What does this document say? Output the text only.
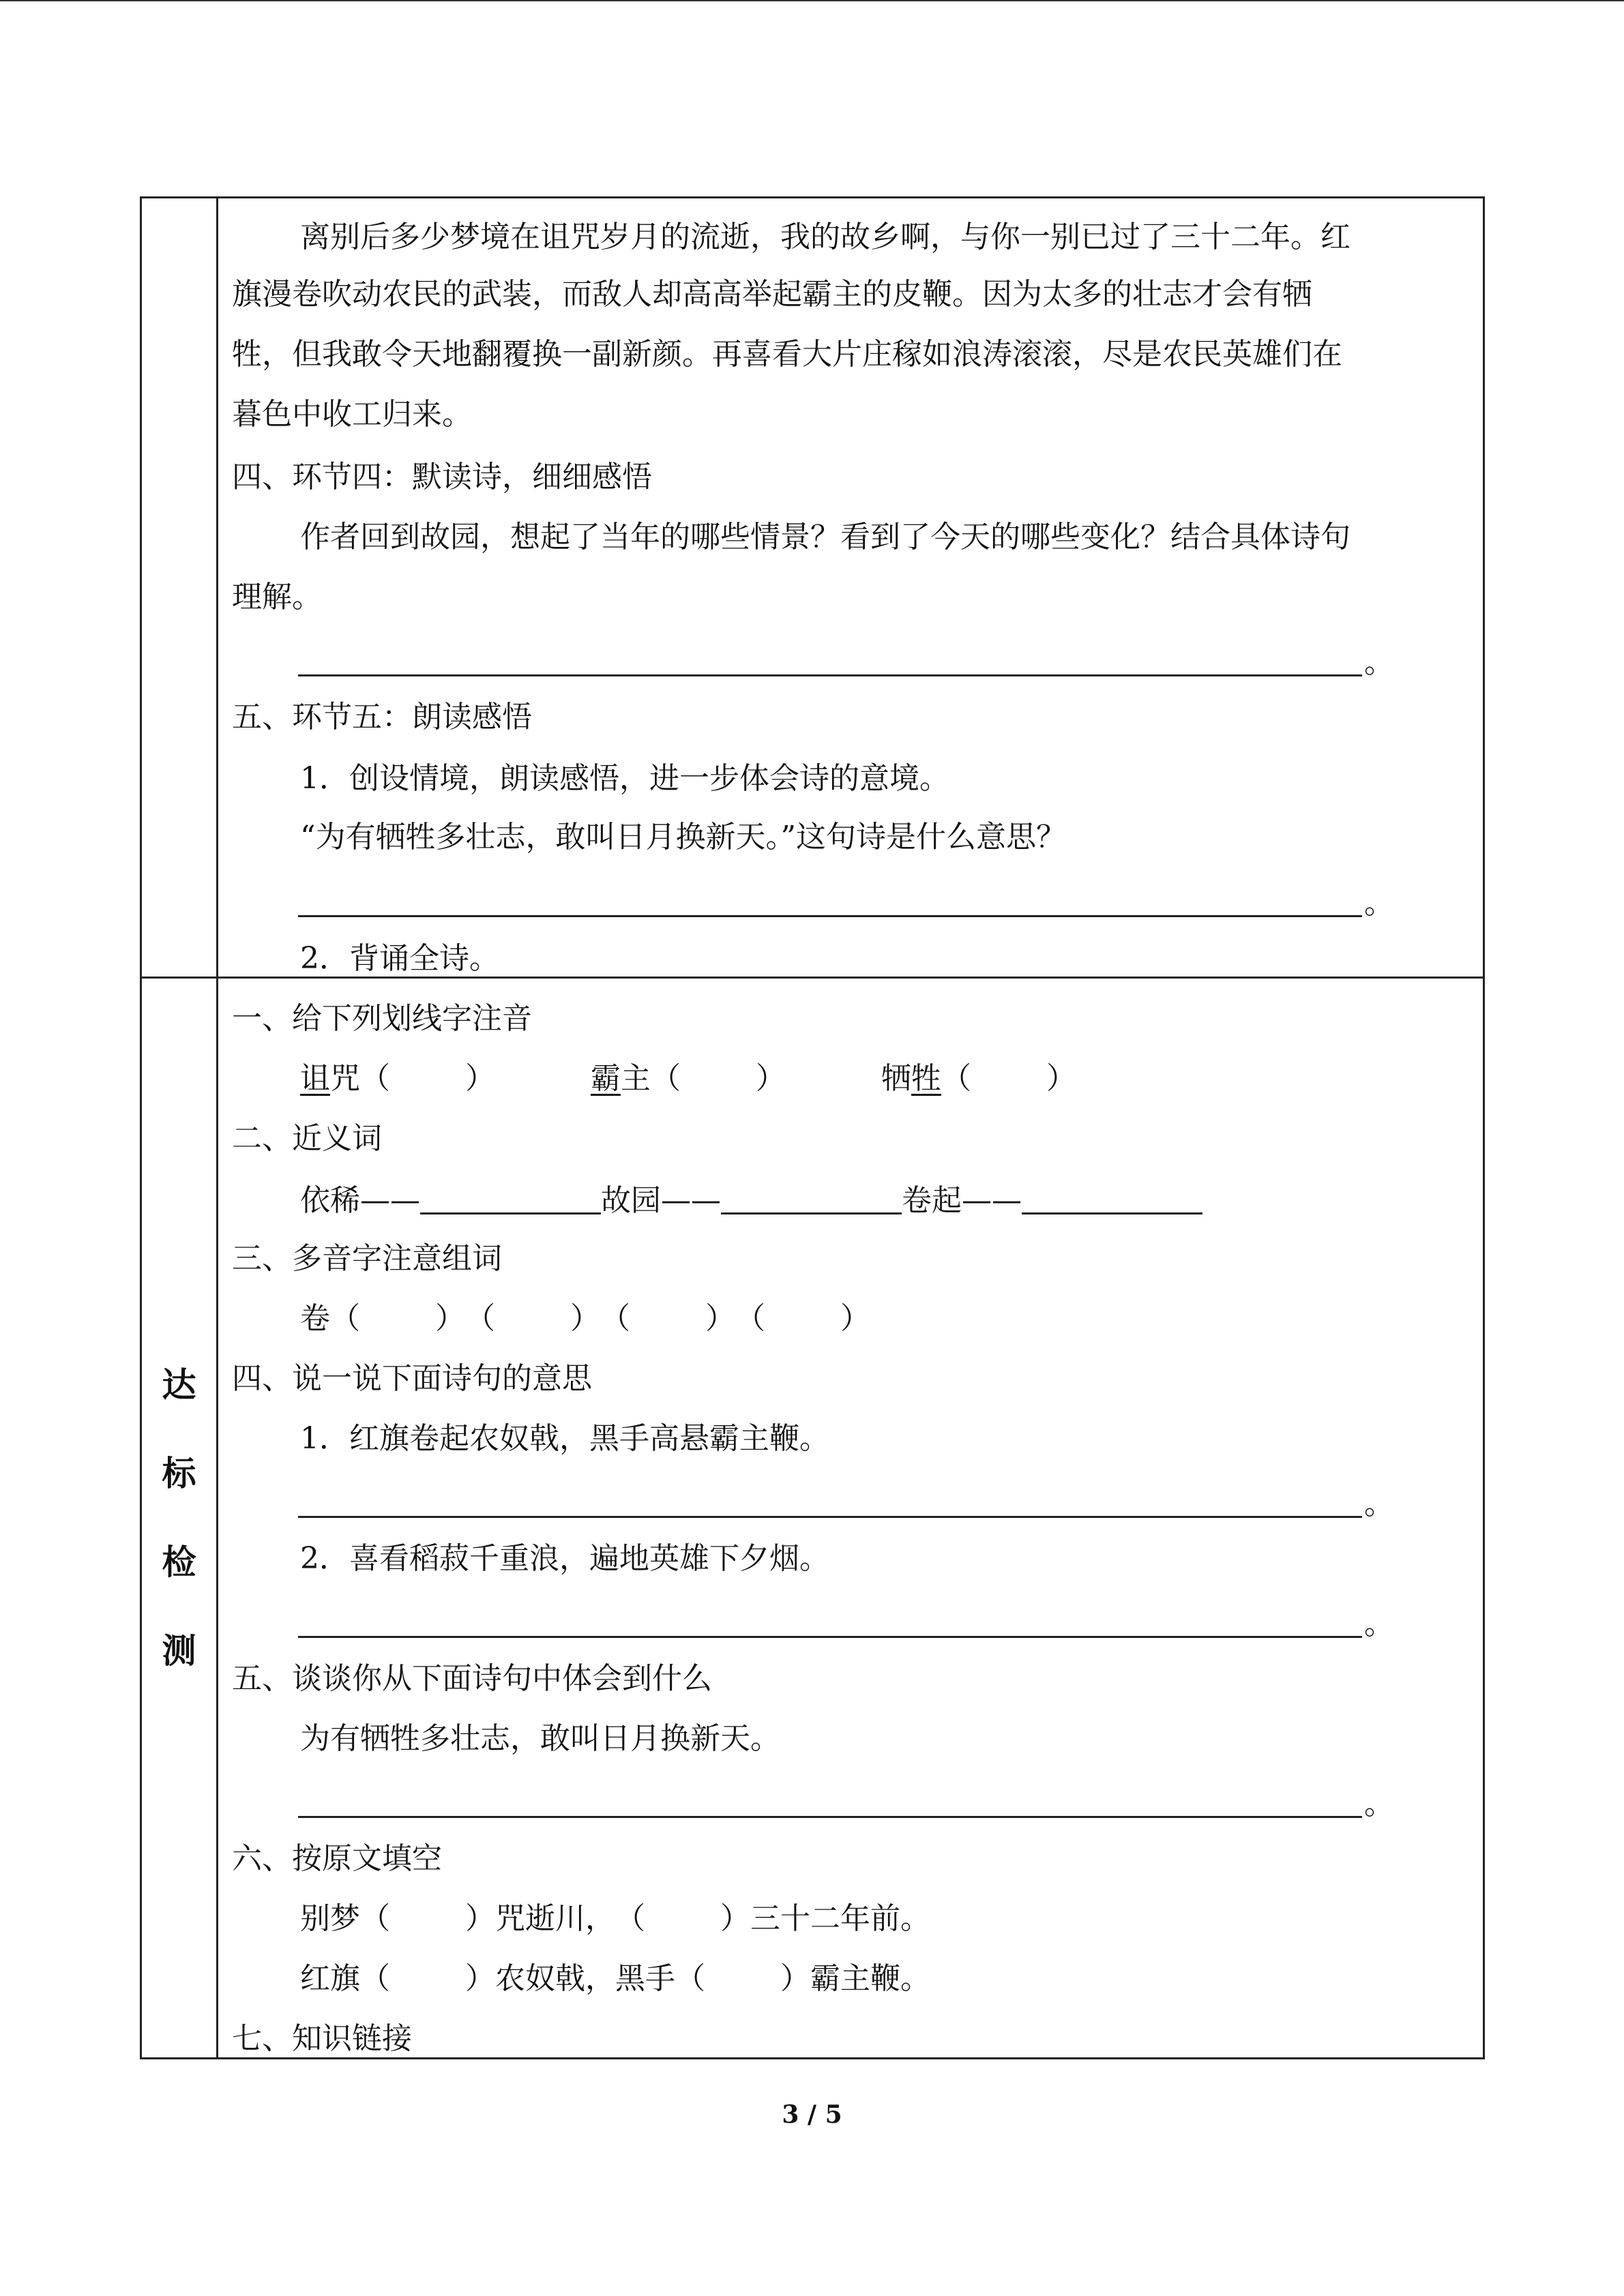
达
标
检
测
离别后多少梦境在诅咒岁月的流逝，我的故乡啊，与你一别已过了三十二年。红
旗漫卷吹动农民的武装，而敌人却高高举起霸主的皮鞭。因为太多的壮志才会有牺
牲，但我敢令天地翻覆换一副新颜。再喜看大片庄稼如浪涛滚滚，尽是农民英雄们在
暮色中收工归来。
四、环节四：默读诗，细细感悟
作者回到故园，想起了当年的哪些情景？看到了今天的哪些变化？结合具体诗句
理解。
。
五、环节五：朗读感悟
1．创设情境，朗读感悟，进一步体会诗的意境。
“为有牺牲多壮志，敢叫日月换新天。”这句诗是什么意思？
。
2．背诵全诗。
一、给下列划线字注音
诅咒（	）	霸主（	）	牺牲（	）
二、近义词
依稀——	故园——	卷起——
三、多音字注意组词
卷（	）（	）（	）（	）
四、说一说下面诗句的意思
1．红旗卷起农奴戟，黑手高悬霸主鞭。
。
2．喜看稻菽千重浪，遍地英雄下夕烟。
。
五、谈谈你从下面诗句中体会到什么
为有牺牲多壮志，敢叫日月换新天。
。
六、按原文填空
别梦（	）咒逝川，（	）三十二年前。
红旗（	）农奴戟，黑手（	）霸主鞭。
七、知识链接
3 / 5
